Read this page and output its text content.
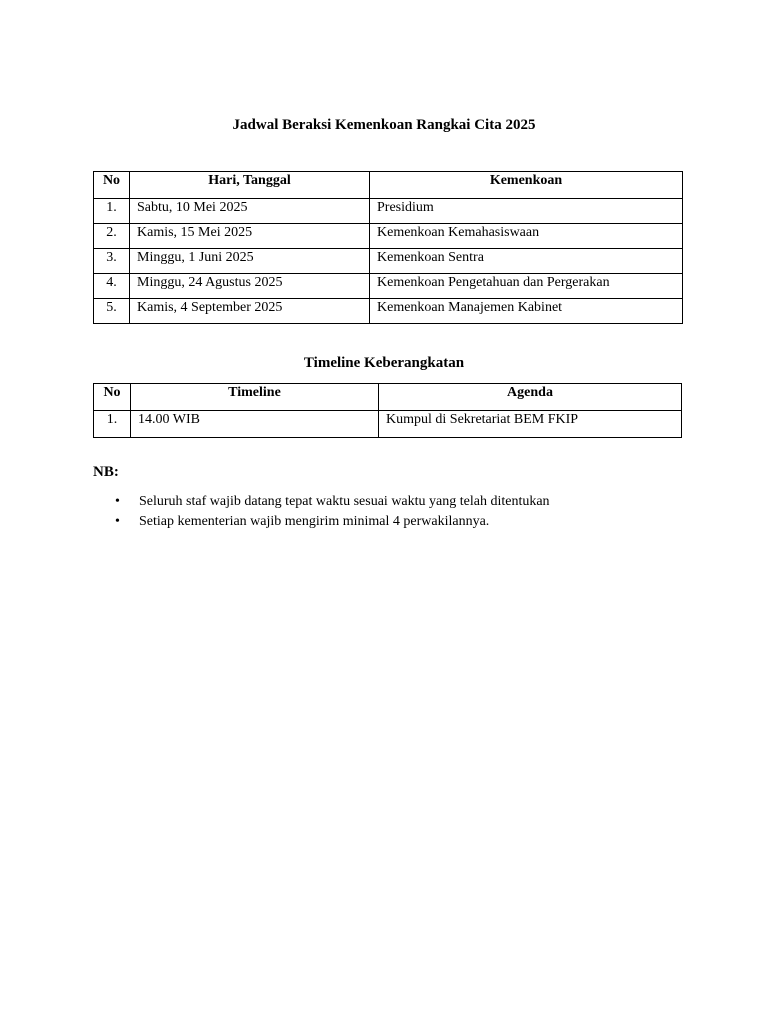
Jadwal Beraksi Kemenkoan Rangkai Cita 2025
No	Hari, Tanggal	Kemenkoan
1.	Sabtu, 10 Mei 2025	Presidium
2.	Kamis, 15 Mei 2025	Kemenkoan Kemahasiswaan
3.	Minggu, 1 Juni 2025	Kemenkoan Sentra
4.	Minggu, 24 Agustus 2025	Kemenkoan Pengetahuan dan Pergerakan
5.	Kamis, 4 September 2025	Kemenkoan Manajemen Kabinet
Timeline Keberangkatan
No	Timeline	Agenda
1.	14.00 WIB	Kumpul di Sekretariat BEM FKIP
NB:
• Seluruh staf wajib datang tepat waktu sesuai waktu yang telah ditentukan
• Setiap kementerian wajib mengirim minimal 4 perwakilannya.
